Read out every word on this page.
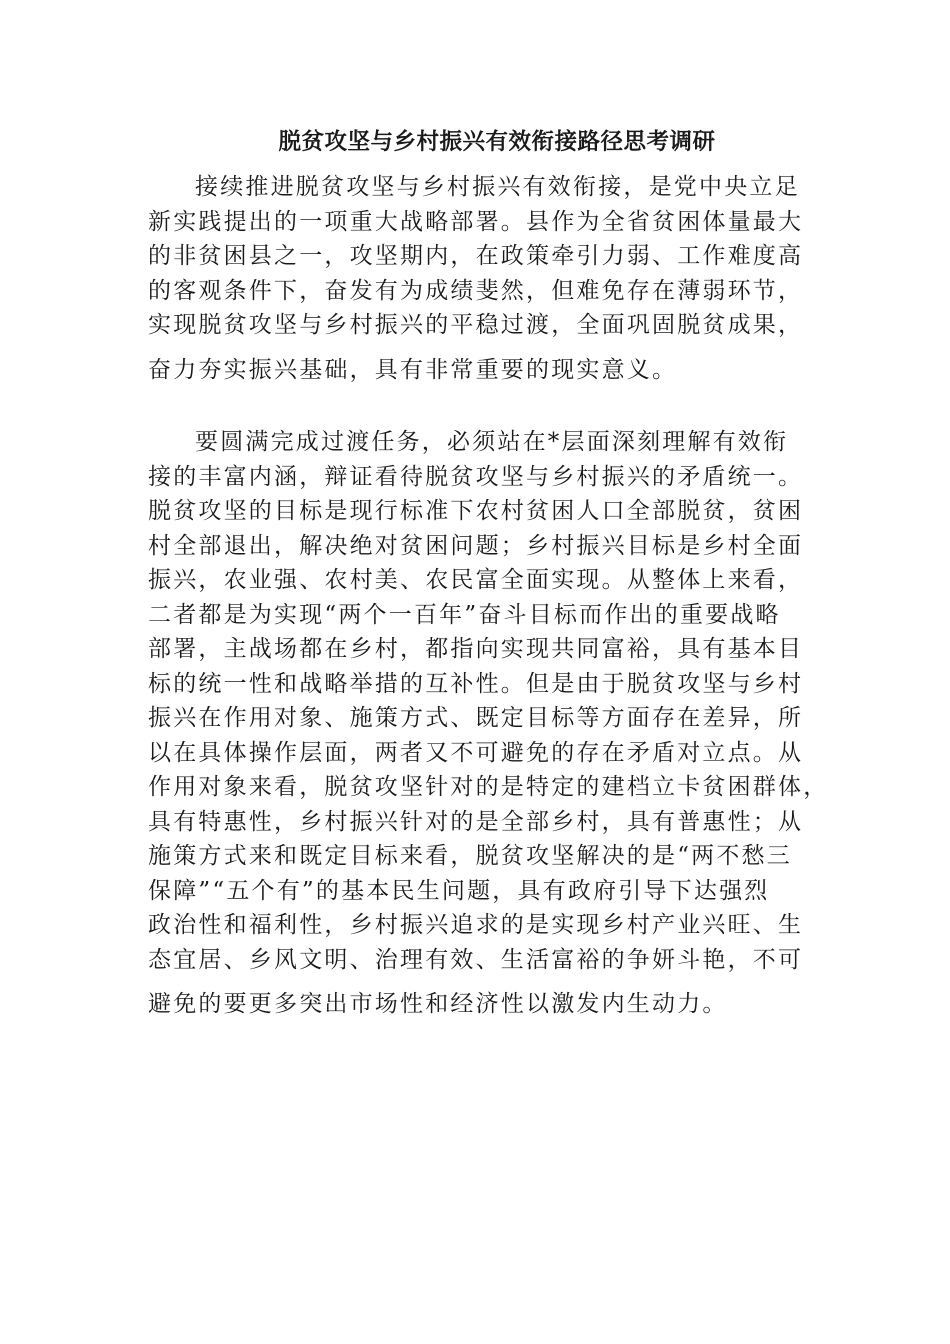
脱贫攻坚与乡村振兴有效衔接路径思考调研
接续推进脱贫攻坚与乡村振兴有效衔接，是党中央立足
新实践提出的一项重大战略部署。县作为全省贫困体量最大
的非贫困县之一，攻坚期内，在政策牵引力弱、工作难度高
的客观条件下，奋发有为成绩斐然，但难免存在薄弱环节，
实现脱贫攻坚与乡村振兴的平稳过渡，全面巩固脱贫成果，
奋力夯实振兴基础，具有非常重要的现实意义。
要圆满完成过渡任务，必须站在*层面深刻理解有效衔
接的丰富内涵，辩证看待脱贫攻坚与乡村振兴的矛盾统一。
脱贫攻坚的目标是现行标准下农村贫困人口全部脱贫，贫困
村全部退出，解决绝对贫困问题；乡村振兴目标是乡村全面
振兴，农业强、农村美、农民富全面实现。从整体上来看，
二者都是为实现“两个一百年”奋斗目标而作出的重要战略
部署，主战场都在乡村，都指向实现共同富裕，具有基本目
标的统一性和战略举措的互补性。但是由于脱贫攻坚与乡村
振兴在作用对象、施策方式、既定目标等方面存在差异，所
以在具体操作层面，两者又不可避免的存在矛盾对立点。从
作用对象来看，脱贫攻坚针对的是特定的建档立卡贫困群体，
具有特惠性，乡村振兴针对的是全部乡村，具有普惠性；从
施策方式来和既定目标来看，脱贫攻坚解决的是“两不愁三
保障”“五个有”的基本民生问题，具有政府引导下达强烈
政治性和福利性，乡村振兴追求的是实现乡村产业兴旺、生
态宜居、乡风文明、治理有效、生活富裕的争妍斗艳，不可
避免的要更多突出市场性和经济性以激发内生动力。
